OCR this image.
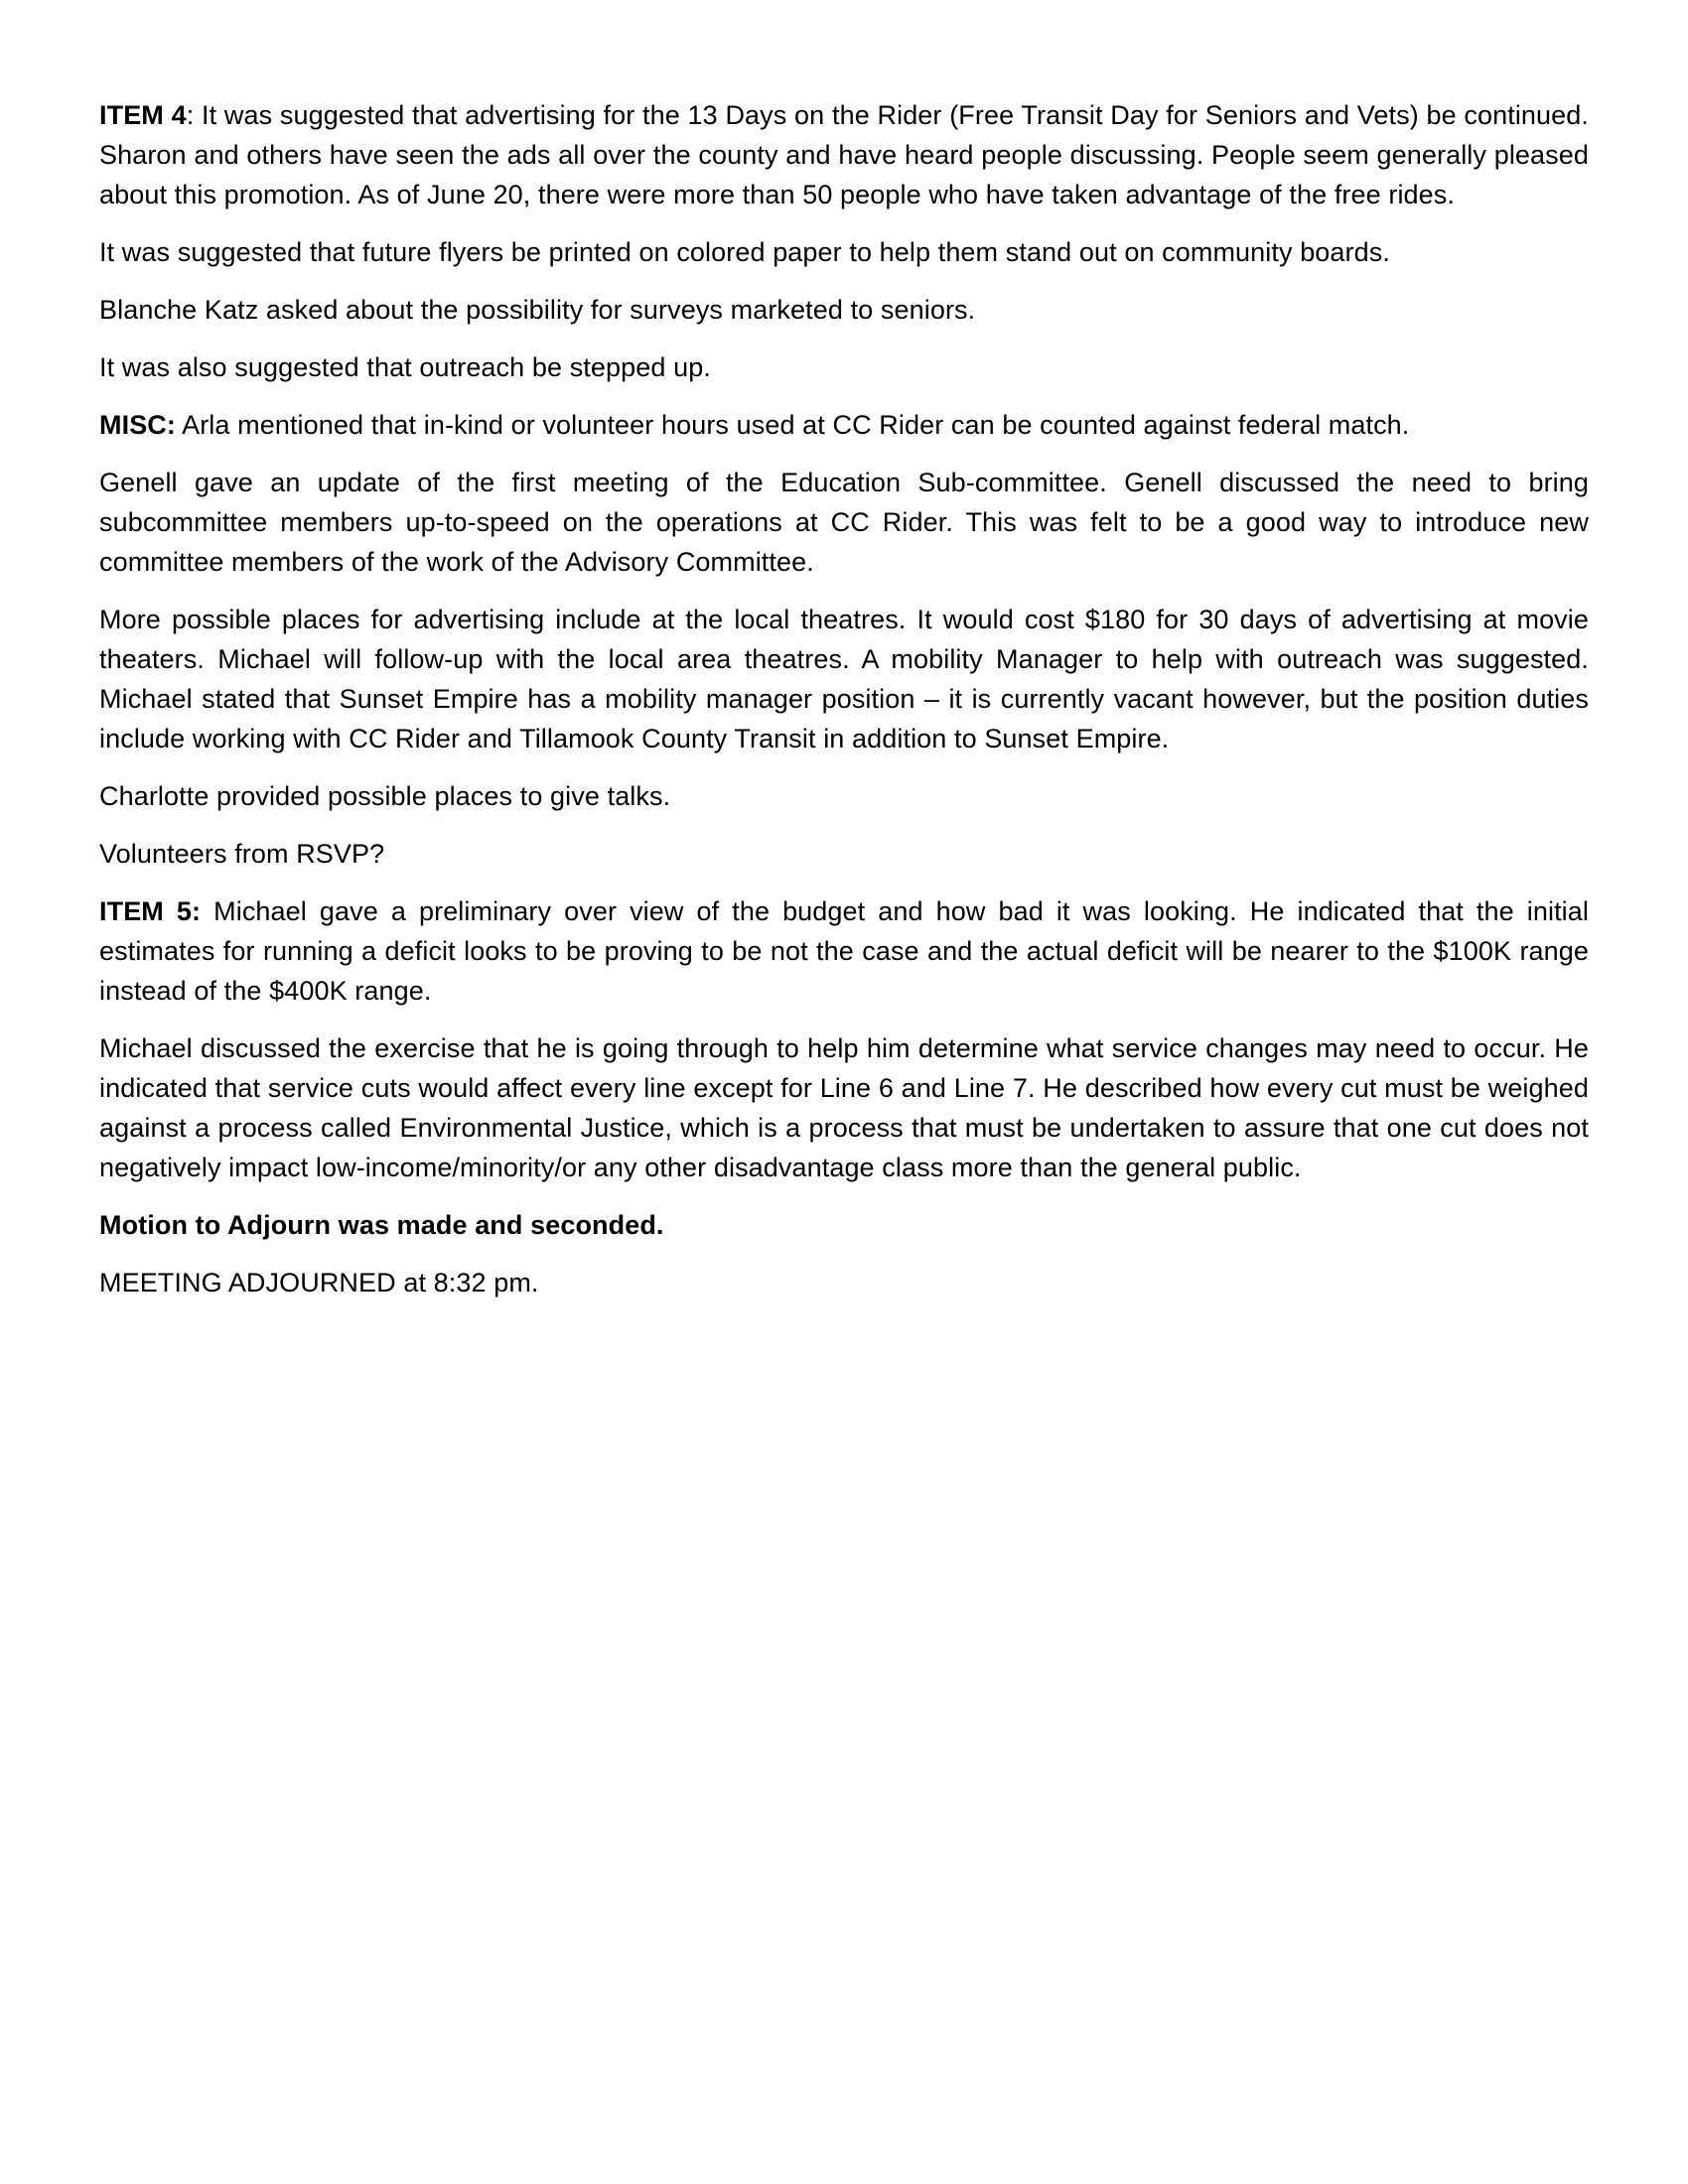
ITEM 4: It was suggested that advertising for the 13 Days on the Rider (Free Transit Day for Seniors and Vets) be continued. Sharon and others have seen the ads all over the county and have heard people discussing. People seem generally pleased about this promotion. As of June 20, there were more than 50 people who have taken advantage of the free rides.

It was suggested that future flyers be printed on colored paper to help them stand out on community boards.

Blanche Katz asked about the possibility for surveys marketed to seniors.

It was also suggested that outreach be stepped up.

MISC: Arla mentioned that in-kind or volunteer hours used at CC Rider can be counted against federal match.

Genell gave an update of the first meeting of the Education Sub-committee. Genell discussed the need to bring subcommittee members up-to-speed on the operations at CC Rider. This was felt to be a good way to introduce new committee members of the work of the Advisory Committee.

More possible places for advertising include at the local theatres. It would cost $180 for 30 days of advertising at movie theaters. Michael will follow-up with the local area theatres. A mobility Manager to help with outreach was suggested. Michael stated that Sunset Empire has a mobility manager position – it is currently vacant however, but the position duties include working with CC Rider and Tillamook County Transit in addition to Sunset Empire.

Charlotte provided possible places to give talks.

Volunteers from RSVP?

ITEM 5: Michael gave a preliminary over view of the budget and how bad it was looking. He indicated that the initial estimates for running a deficit looks to be proving to be not the case and the actual deficit will be nearer to the $100K range instead of the $400K range.

Michael discussed the exercise that he is going through to help him determine what service changes may need to occur. He indicated that service cuts would affect every line except for Line 6 and Line 7. He described how every cut must be weighed against a process called Environmental Justice, which is a process that must be undertaken to assure that one cut does not negatively impact low-income/minority/or any other disadvantage class more than the general public.

Motion to Adjourn was made and seconded.

MEETING ADJOURNED at 8:32 pm.
